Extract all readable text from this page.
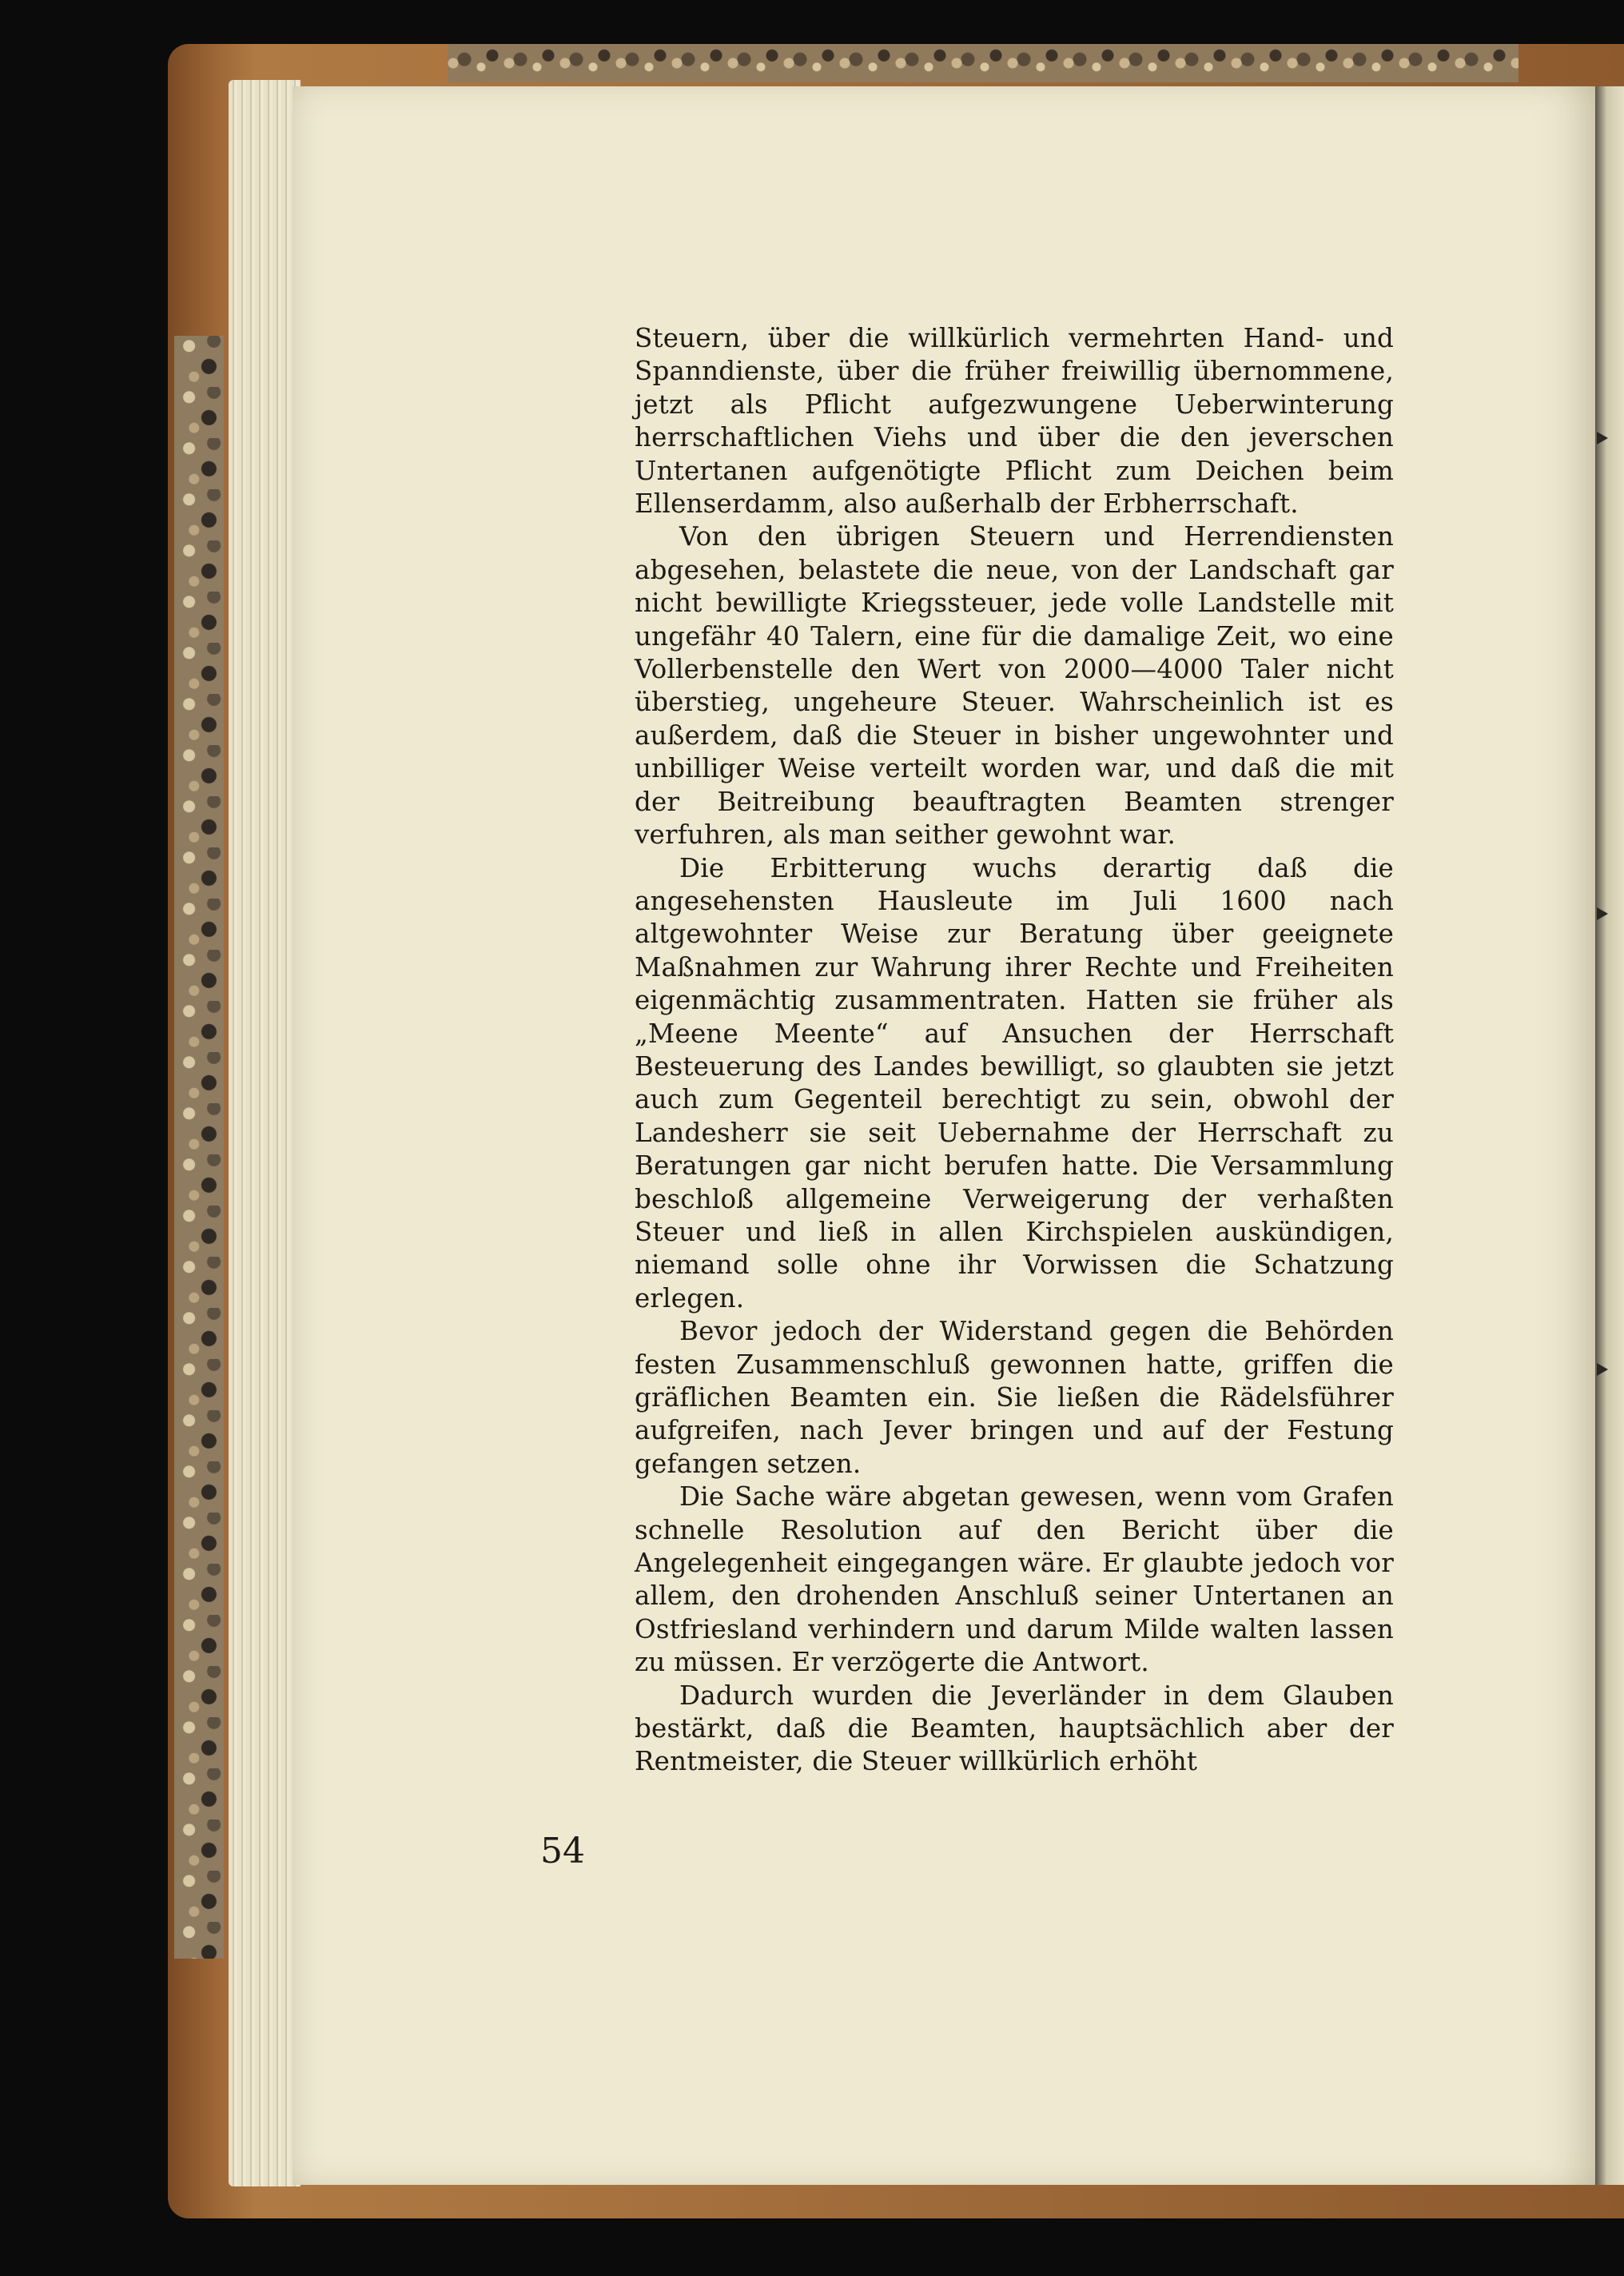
Steuern, über die willkürlich vermehrten Hand- und Spanndienste, über die früher freiwillig übernommene, jetzt als Pflicht aufgezwungene Ueberwinterung herrschaftlichen Viehs und über die den jeverschen Untertanen aufgenötigte Pflicht zum Deichen beim Ellenserdamm, also außerhalb der Erbherrschaft.

Von den übrigen Steuern und Herrendiensten abgesehen, belastete die neue, von der Landschaft gar nicht bewilligte Kriegssteuer, jede volle Landstelle mit ungefähr 40 Talern, eine für die damalige Zeit, wo eine Vollerbenstelle den Wert von 2000—4000 Taler nicht überstieg, ungeheure Steuer. Wahrscheinlich ist es außerdem, daß die Steuer in bisher ungewohnter und unbilliger Weise verteilt worden war, und daß die mit der Beitreibung beauftragten Beamten strenger verfuhren, als man seither gewohnt war.

Die Erbitterung wuchs derartig daß die angesehensten Hausleute im Juli 1600 nach altgewohnter Weise zur Beratung über geeignete Maßnahmen zur Wahrung ihrer Rechte und Freiheiten eigenmächtig zusammentraten. Hatten sie früher als „Meene Meente“ auf Ansuchen der Herrschaft Besteuerung des Landes bewilligt, so glaubten sie jetzt auch zum Gegenteil berechtigt zu sein, obwohl der Landesherr sie seit Uebernahme der Herrschaft zu Beratungen gar nicht berufen hatte. Die Versammlung beschloß allgemeine Verweigerung der verhaßten Steuer und ließ in allen Kirchspielen auskündigen, niemand solle ohne ihr Vorwissen die Schatzung erlegen.

Bevor jedoch der Widerstand gegen die Behörden festen Zusammenschluß gewonnen hatte, griffen die gräflichen Beamten ein. Sie ließen die Rädelsführer aufgreifen, nach Jever bringen und auf der Festung gefangen setzen.

Die Sache wäre abgetan gewesen, wenn vom Grafen schnelle Resolution auf den Bericht über die Angelegenheit eingegangen wäre. Er glaubte jedoch vor allem, den drohenden Anschluß seiner Untertanen an Ostfriesland verhindern und darum Milde walten lassen zu müssen. Er verzögerte die Antwort.

Dadurch wurden die Jeverländer in dem Glauben bestärkt, daß die Beamten, hauptsächlich aber der Rentmeister, die Steuer willkürlich erhöht

54
